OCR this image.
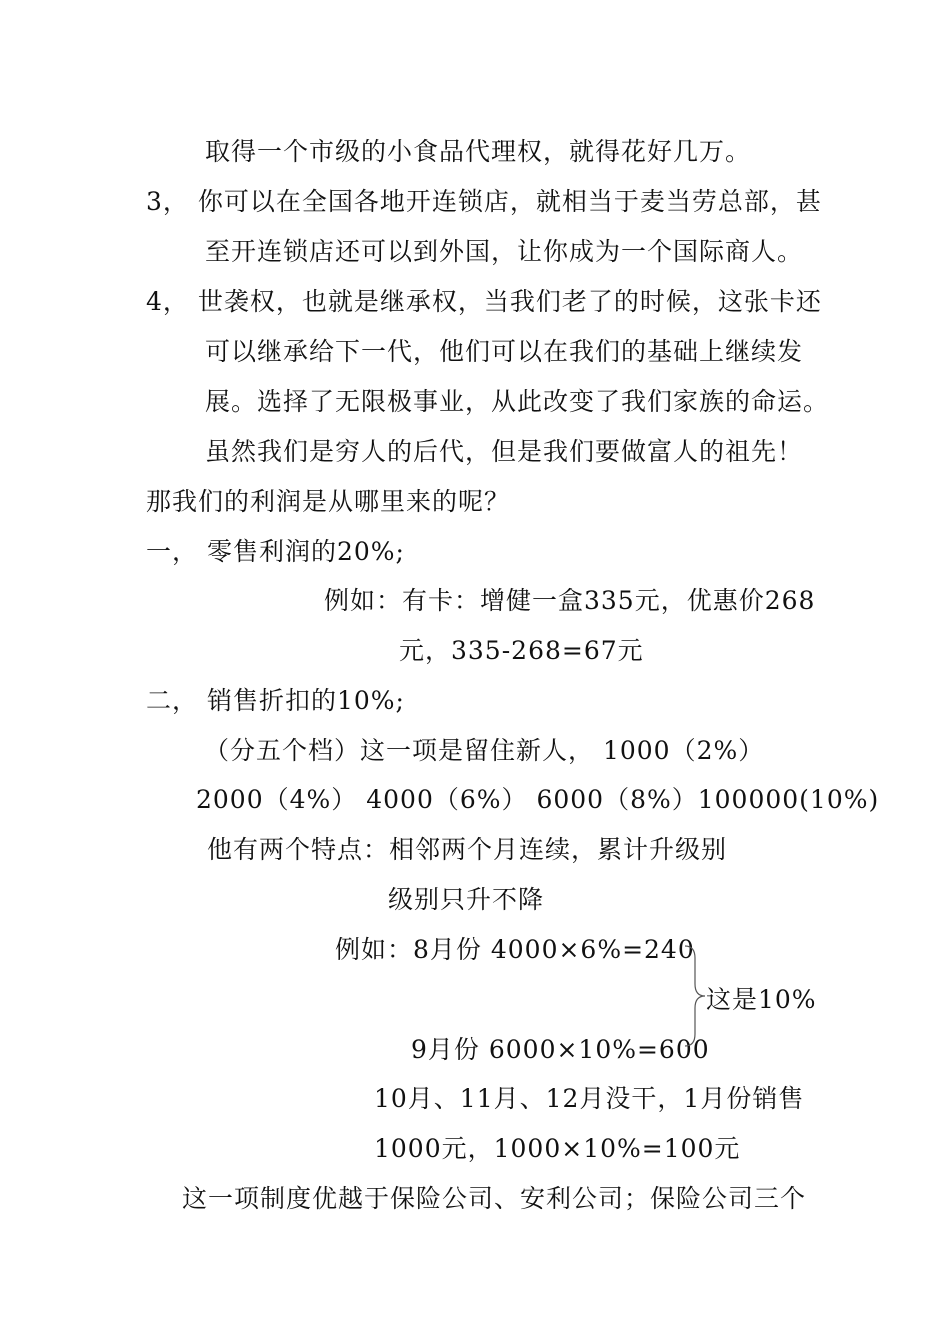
取得一个市级的小食品代理权，就得花好几万。
3， 你可以在全国各地开连锁店，就相当于麦当劳总部，甚
至开连锁店还可以到外国，让你成为一个国际商人。
4， 世袭权，也就是继承权，当我们老了的时候，这张卡还
可以继承给下一代，他们可以在我们的基础上继续发
展。选择了无限极事业，从此改变了我们家族的命运。
虽然我们是穷人的后代，但是我们要做富人的祖先！
那我们的利润是从哪里来的呢？
一， 零售利润的20%;
例如：有卡：增健一盒335元，优惠价268
元，335-268=67元
二， 销售折扣的10%;
（分五个档）这一项是留住新人， 1000（2%）
2000（4%） 4000（6%） 6000（8%）100000(10%)
他有两个特点：相邻两个月连续，累计升级别
级别只升不降
例如：8月份 4000×6%=240
这是10%
9月份 6000×10%=600
10月、11月、12月没干，1月份销售
1000元，1000×10%=100元
这一项制度优越于保险公司、安利公司；保险公司三个
